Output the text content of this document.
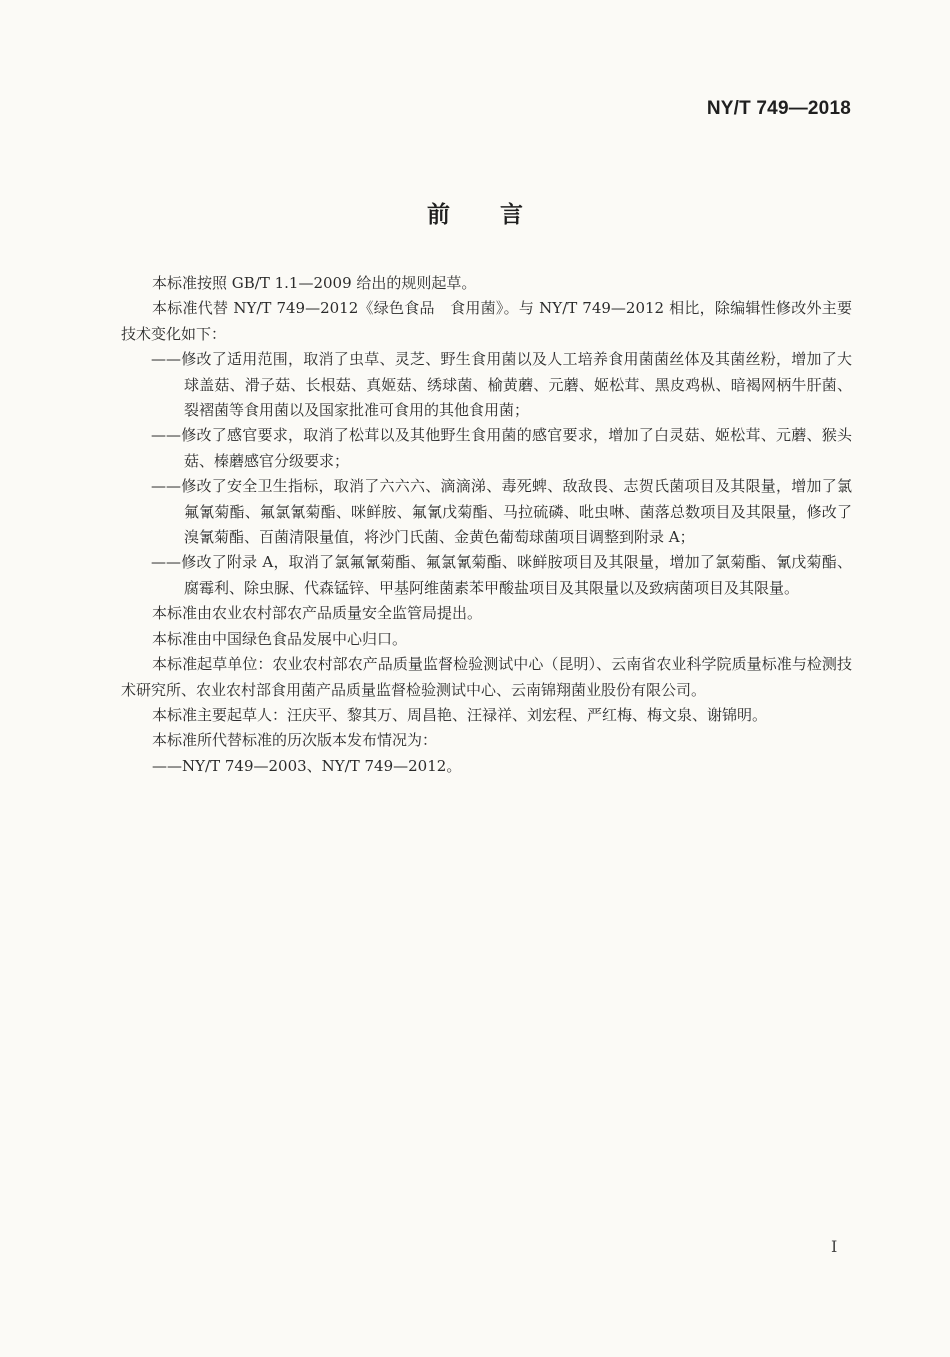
NY/T 749—2018
前 言

本标准按照 GB/T 1.1—2009 给出的规则起草。

本标准代替 NY/T 749—2012《绿色食品　食用菌》。与 NY/T 749—2012 相比，除编辑性修改外主要技术变化如下：

——修改了适用范围，取消了虫草、灵芝、野生食用菌以及人工培养食用菌菌丝体及其菌丝粉，增加了大球盖菇、滑子菇、长根菇、真姬菇、绣球菌、榆黄蘑、元蘑、姬松茸、黑皮鸡枞、暗褐网柄牛肝菌、裂褶菌等食用菌以及国家批准可食用的其他食用菌；

——修改了感官要求，取消了松茸以及其他野生食用菌的感官要求，增加了白灵菇、姬松茸、元蘑、猴头菇、榛蘑感官分级要求；

——修改了安全卫生指标，取消了六六六、滴滴涕、毒死蜱、敌敌畏、志贺氏菌项目及其限量，增加了氯氟氰菊酯、氟氯氰菊酯、咪鲜胺、氟氰戊菊酯、马拉硫磷、吡虫啉、菌落总数项目及其限量，修改了溴氰菊酯、百菌清限量值，将沙门氏菌、金黄色葡萄球菌项目调整到附录 A；

——修改了附录 A，取消了氯氟氰菊酯、氟氯氰菊酯、咪鲜胺项目及其限量，增加了氯菊酯、氰戊菊酯、腐霉利、除虫脲、代森锰锌、甲基阿维菌素苯甲酸盐项目及其限量以及致病菌项目及其限量。

本标准由农业农村部农产品质量安全监管局提出。

本标准由中国绿色食品发展中心归口。

本标准起草单位：农业农村部农产品质量监督检验测试中心（昆明）、云南省农业科学院质量标准与检测技术研究所、农业农村部食用菌产品质量监督检验测试中心、云南锦翔菌业股份有限公司。

本标准主要起草人：汪庆平、黎其万、周昌艳、汪禄祥、刘宏程、严红梅、梅文泉、谢锦明。

本标准所代替标准的历次版本发布情况为：

——NY/T 749—2003、NY/T 749—2012。

I
